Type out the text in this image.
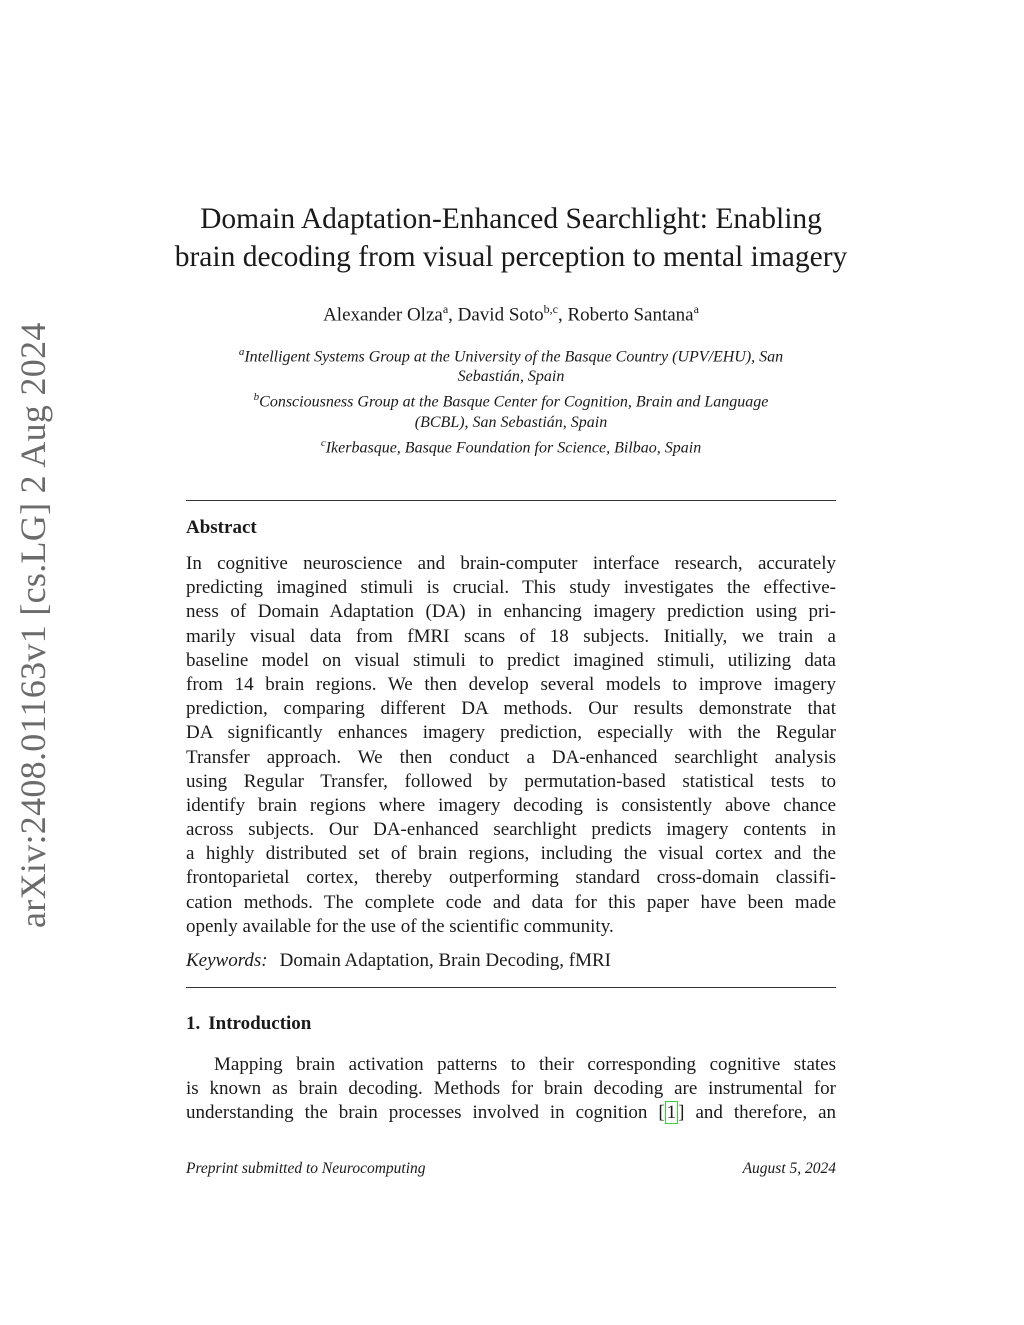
arXiv:2408.01163v1 [cs.LG] 2 Aug 2024
Domain Adaptation-Enhanced Searchlight: Enabling
brain decoding from visual perception to mental imagery
Alexander Olza$^a$, David Soto$^{b,c}$, Roberto Santana$^a$
$^a$Intelligent Systems Group at the University of the Basque Country (UPV/EHU), San
Sebastián, Spain
$^b$Consciousness Group at the Basque Center for Cognition, Brain and Language
(BCBL), San Sebastián, Spain
$^c$Ikerbasque, Basque Foundation for Science, Bilbao, Spain
Abstract
In cognitive neuroscience and brain-computer interface research, accurately
predicting imagined stimuli is crucial. This study investigates the effective-
ness of Domain Adaptation (DA) in enhancing imagery prediction using pri-
marily visual data from fMRI scans of 18 subjects. Initially, we train a
baseline model on visual stimuli to predict imagined stimuli, utilizing data
from 14 brain regions. We then develop several models to improve imagery
prediction, comparing different DA methods. Our results demonstrate that
DA significantly enhances imagery prediction, especially with the Regular
Transfer approach. We then conduct a DA-enhanced searchlight analysis
using Regular Transfer, followed by permutation-based statistical tests to
identify brain regions where imagery decoding is consistently above chance
across subjects. Our DA-enhanced searchlight predicts imagery contents in
a highly distributed set of brain regions, including the visual cortex and the
frontoparietal cortex, thereby outperforming standard cross-domain classifi-
cation methods. The complete code and data for this paper have been made
openly available for the use of the scientific community.
Keywords: Domain Adaptation, Brain Decoding, fMRI
1. Introduction
Mapping brain activation patterns to their corresponding cognitive states
is known as brain decoding. Methods for brain decoding are instrumental for
understanding the brain processes involved in cognition [ 1 ] and therefore, an
Preprint submitted to Neurocomputing	August 5, 2024
